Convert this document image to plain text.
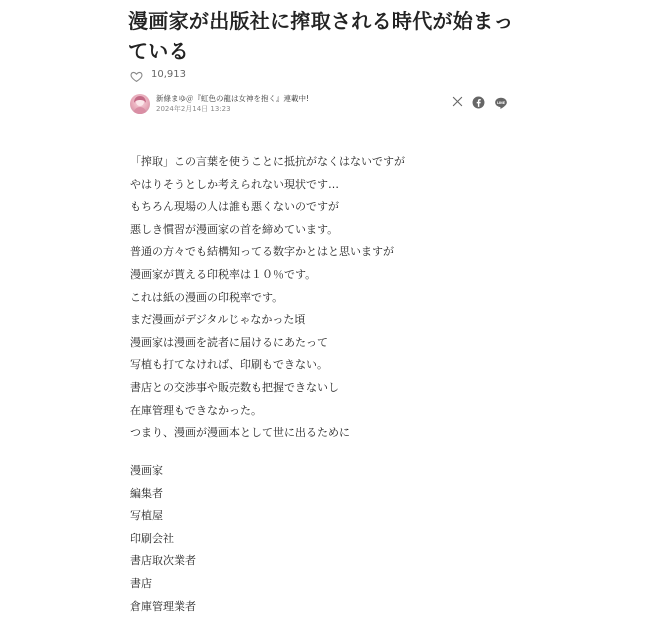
漫画家が出版社に搾取される時代が始まっている
10,913
新條まゆ＠『虹色の龍は女神を抱く』連載中!
2024年2月14日 13:23
LINE
「搾取」この言葉を使うことに抵抗がなくはないですが
やはりそうとしか考えられない現状です…
もちろん現場の人は誰も悪くないのですが
悪しき慣習が漫画家の首を締めています。
普通の方々でも結構知ってる数字かとはと思いますが
漫画家が貰える印税率は１０％です。
これは紙の漫画の印税率です。
まだ漫画がデジタルじゃなかった頃
漫画家は漫画を読者に届けるにあたって
写植も打てなければ、印刷もできない。
書店との交渉事や販売数も把握できないし
在庫管理もできなかった。
つまり、漫画が漫画本として世に出るために
漫画家
編集者
写植屋
印刷会社
書店取次業者
書店
倉庫管理業者
